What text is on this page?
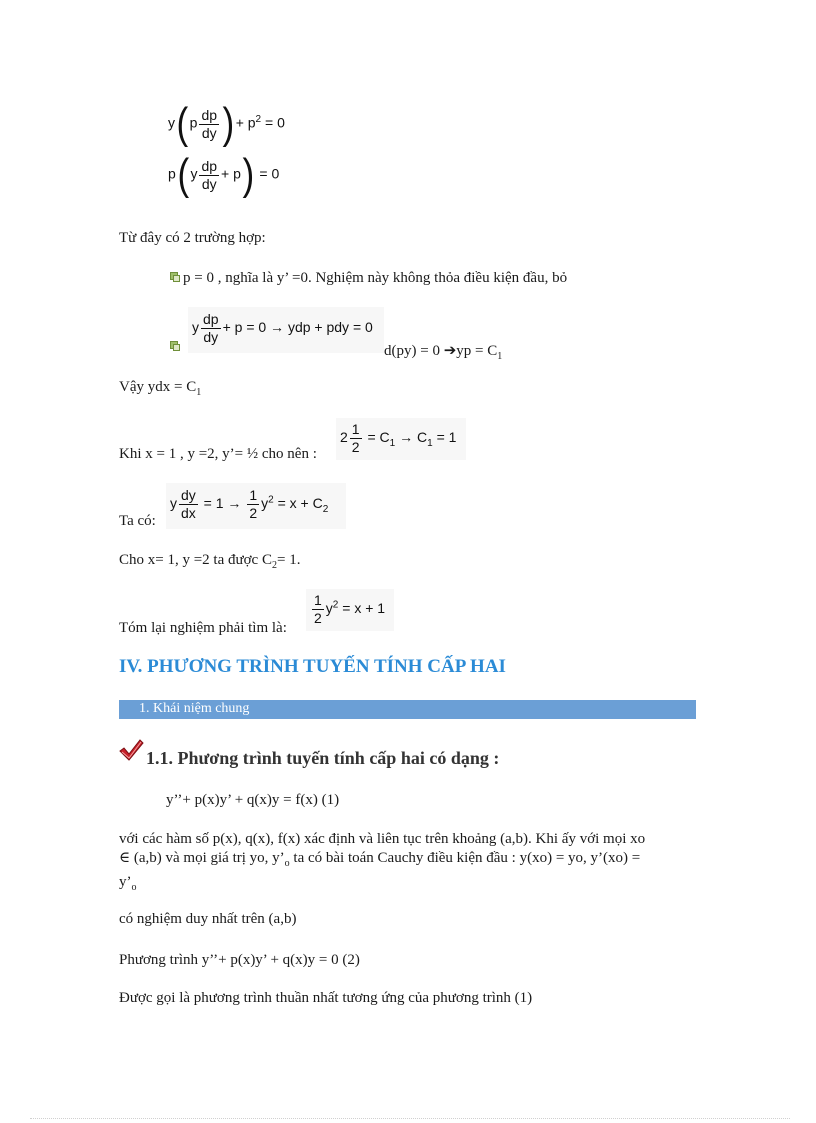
$y(p \frac{dp}{dy}$ )+ $p^2 = 0$
$p(y \frac{dp}{dy} + p) = 0$
Từ đây có 2 trường hợp:
p = 0 , nghĩa là y’ =0. Nghiệm này không thỏa điều kiện đầu, bỏ
y $\frac{dp}{dy} + p = 0$ → ydp + pdy = 0
d(py) = 0 ➔yp = $C_1$
Vậy ydx = $C_1$
$2 \frac{1}{2} = C_1 \to C_1 = 1$
Khi x = 1 , y =2, y’= ½ cho nên :
y $\frac{dy}{dx} = 1 \to \frac{1}{2} y^2 = x + C_2$
Ta có:
Cho x= 1, y =2 ta được $C_2= 1$.
$\frac{1}{2} y^2 = x + 1$
Tóm lại nghiệm phải tìm là:
IV. PHƯƠNG TRÌNH TUYẾN TÍNH CẤP HAI
1. Khái niệm chung
1.1. Phương trình tuyến tính cấp hai có dạng :
y’’+ p(x)y’ + q(x)y = f(x) (1)
với các hàm số p(x), q(x), f(x) xác định và liên tục trên khoảng (a,b). Khi ấy với mọi xo
∈ (a,b) và mọi giá trị yo, $y’_o$ ta có bài toán Cauchy điều kiện đầu : y(xo) = yo, y’(xo) =
$y’_o$
có nghiệm duy nhất trên (a,b)
Phương trình y’’+ p(x)y’ + q(x)y = 0 (2)
Được gọi là phương trình thuần nhất tương ứng của phương trình (1)
